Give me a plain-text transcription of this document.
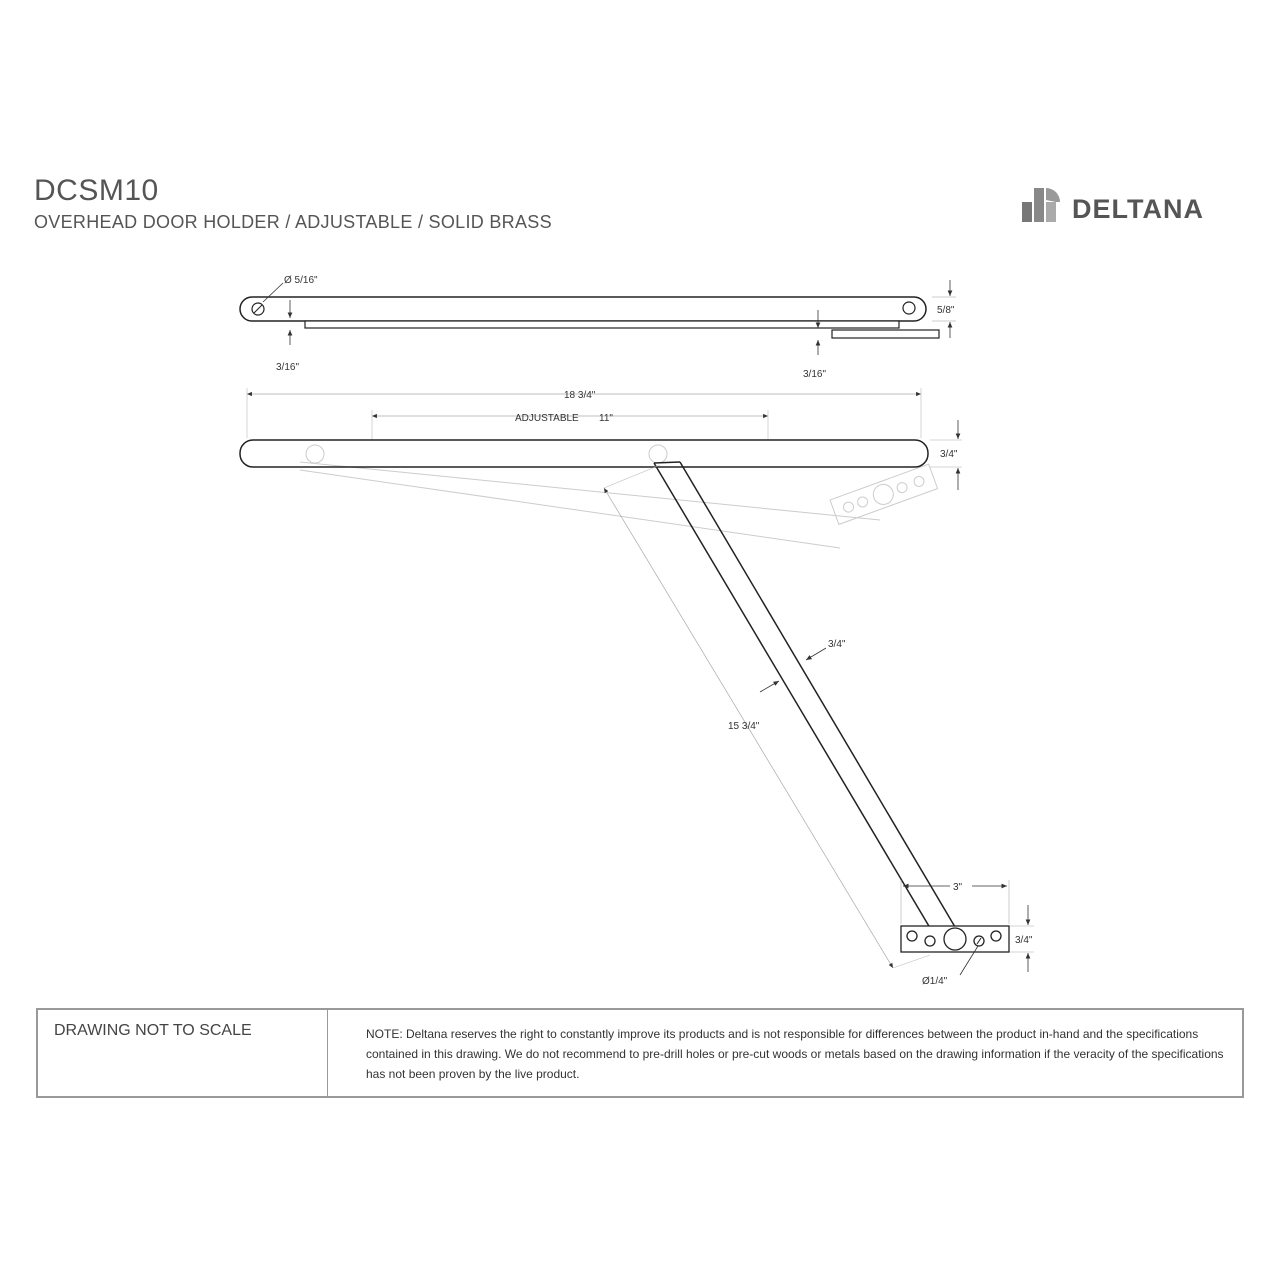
DCSM10
OVERHEAD DOOR HOLDER / ADJUSTABLE / SOLID BRASS	DELTANA
Ø 5/16"
5/8"
3/16"
3/16"
18 3/4"
ADJUSTABLE 11"
3/4"
3/4"
15 3/4"
3"
3/4"
Ø1/4"
DRAWING NOT TO SCALE	NOTE: Deltana reserves the right to constantly improve its products and is not responsible for differences between the product in-hand and the specifications contained in this drawing. We do not recommend to pre-drill holes or pre-cut woods or metals based on the drawing information if the veracity of the specifications has not been proven by the live product.
